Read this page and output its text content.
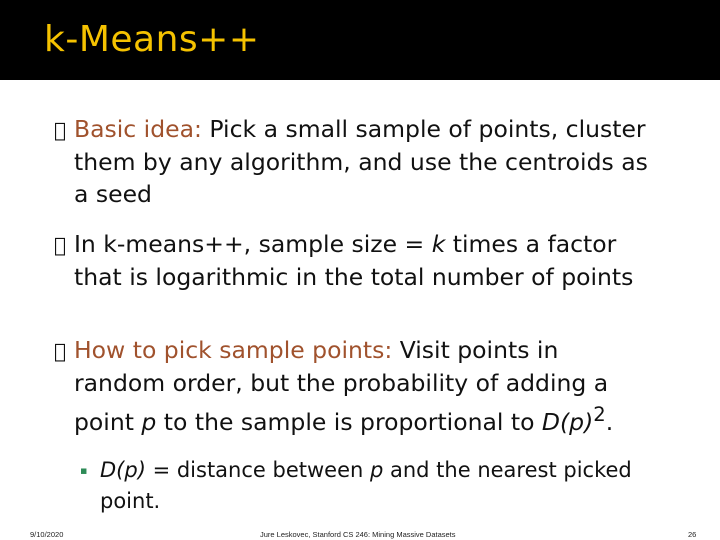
k-Means++
Basic idea: Pick a small sample of points, cluster
them by any algorithm, and use the centroids as
a seed
In k-means++, sample size = k times a factor
that is logarithmic in the total number of points
How to pick sample points: Visit points in
random order, but the probability of adding a
point p to the sample is proportional to $D(p)^2$.
▪ D(p) = distance between p and the nearest picked
point.
9/10/2020	Jure Leskovec, Stanford CS 246: Mining Massive Datasets	26
